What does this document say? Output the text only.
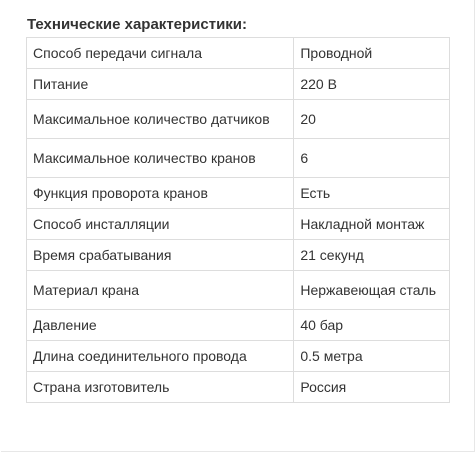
Технические характеристики:
Способ передачи сигнала	Проводной
Питание	220 В
Максимальное количество датчиков	20
Максимальное количество кранов	6
Функция проворота кранов	Есть
Способ инсталляции	Накладной монтаж
Время срабатывания	21 секунд
Материал крана	Нержавеющая сталь
Давление	40 бар
Длина соединительного провода	0.5 метра
Страна изготовитель	Россия
